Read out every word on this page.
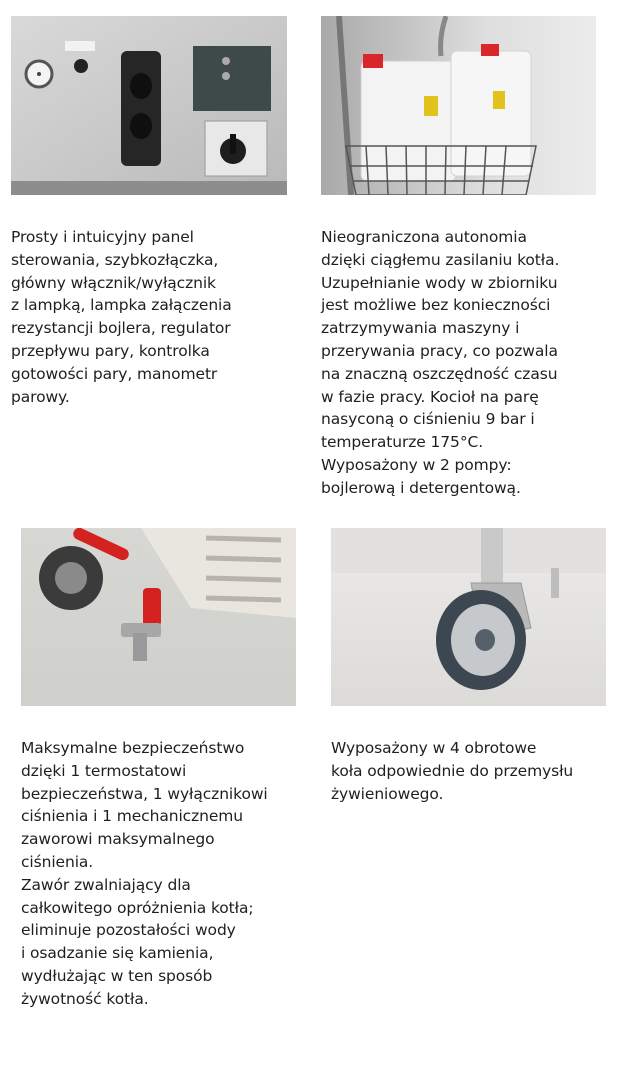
Prosty i intuicyjny panel
sterowania, szybkozłączka,
główny włącznik/wyłącznik
z lampką, lampka załączenia
rezystancji bojlera, regulator
przepływu pary, kontrolka
gotowości pary, manometr
parowy.
Nieograniczona autonomia
dzięki ciągłemu zasilaniu kotła.
Uzupełnianie wody w zbiorniku
jest możliwe bez konieczności
zatrzymywania maszyny i
przerywania pracy, co pozwala
na znaczną oszczędność czasu
w fazie pracy. Kocioł na parę
nasyconą o ciśnieniu 9 bar i
temperaturze 175°C.
Wyposażony w 2 pompy:
bojlerową i detergentową.
Maksymalne bezpieczeństwo
dzięki 1 termostatowi
bezpieczeństwa, 1 wyłącznikowi
ciśnienia i 1 mechanicznemu
zaworowi maksymalnego
ciśnienia.
Zawór zwalniający dla
całkowitego opróżnienia kotła;
eliminuje pozostałości wody
i osadzanie się kamienia,
wydłużając w ten sposób
żywotność kotła.
Wyposażony w 4 obrotowe
koła odpowiednie do przemysłu
żywieniowego.
